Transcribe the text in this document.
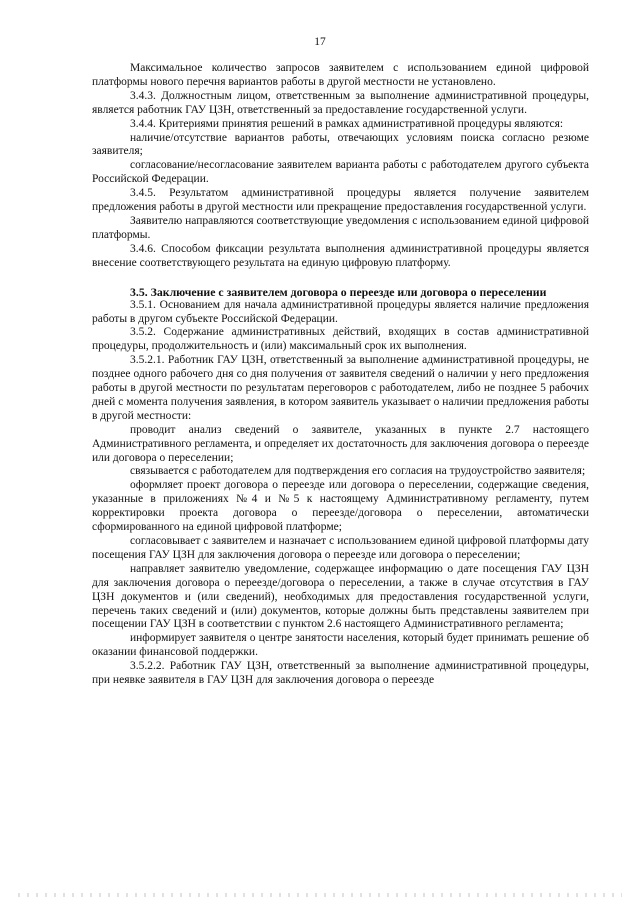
17

Максимальное количество запросов заявителем с использованием единой цифровой платформы нового перечня вариантов работы в другой местности не установлено.

3.4.3. Должностным лицом, ответственным за выполнение административной процедуры, является работник ГАУ ЦЗН, ответственный за предоставление государственной услуги.

3.4.4. Критериями принятия решений в рамках административной процедуры являются:

наличие/отсутствие вариантов работы, отвечающих условиям поиска согласно резюме заявителя;

согласование/несогласование заявителем варианта работы с работодателем другого субъекта Российской Федерации.

3.4.5. Результатом административной процедуры является получение заявителем предложения работы в другой местности или прекращение предоставления государственной услуги.

Заявителю направляются соответствующие уведомления с использованием единой цифровой платформы.

3.4.6. Способом фиксации результата выполнения административной процедуры является внесение соответствующего результата на единую цифровую платформу.

3.5. Заключение с заявителем договора о переезде или договора о переселении

3.5.1. Основанием для начала административной процедуры является наличие предложения работы в другом субъекте Российской Федерации.

3.5.2. Содержание административных действий, входящих в состав административной процедуры, продолжительность и (или) максимальный срок их выполнения.

3.5.2.1. Работник ГАУ ЦЗН, ответственный за выполнение административной процедуры, не позднее одного рабочего дня со дня получения от заявителя сведений о наличии у него предложения работы в другой местности по результатам переговоров с работодателем, либо не позднее 5 рабочих дней с момента получения заявления, в котором заявитель указывает о наличии предложения работы в другой местности:

проводит анализ сведений о заявителе, указанных в пункте 2.7 настоящего Административного регламента, и определяет их достаточность для заключения договора о переезде или договора о переселении;

связывается с работодателем для подтверждения его согласия на трудоустройство заявителя;

оформляет проект договора о переезде или договора о переселении, содержащие сведения, указанные в приложениях №4 и №5 к настоящему Административному регламенту, путем корректировки проекта договора о переезде/договора о переселении, автоматически сформированного на единой цифровой платформе;

согласовывает с заявителем и назначает с использованием единой цифровой платформы дату посещения ГАУ ЦЗН для заключения договора о переезде или договора о переселении;

направляет заявителю уведомление, содержащее информацию о дате посещения ГАУ ЦЗН для заключения договора о переезде/договора о переселении, а также в случае отсутствия в ГАУ ЦЗН документов и (или сведений), необходимых для предоставления государственной услуги, перечень таких сведений и (или) документов, которые должны быть представлены заявителем при посещении ГАУ ЦЗН в соответствии с пунктом 2.6 настоящего Административного регламента;

информирует заявителя о центре занятости населения, который будет принимать решение об оказании финансовой поддержки.

3.5.2.2. Работник ГАУ ЦЗН, ответственный за выполнение административной процедуры, при неявке заявителя в ГАУ ЦЗН для заключения договора о переезде
